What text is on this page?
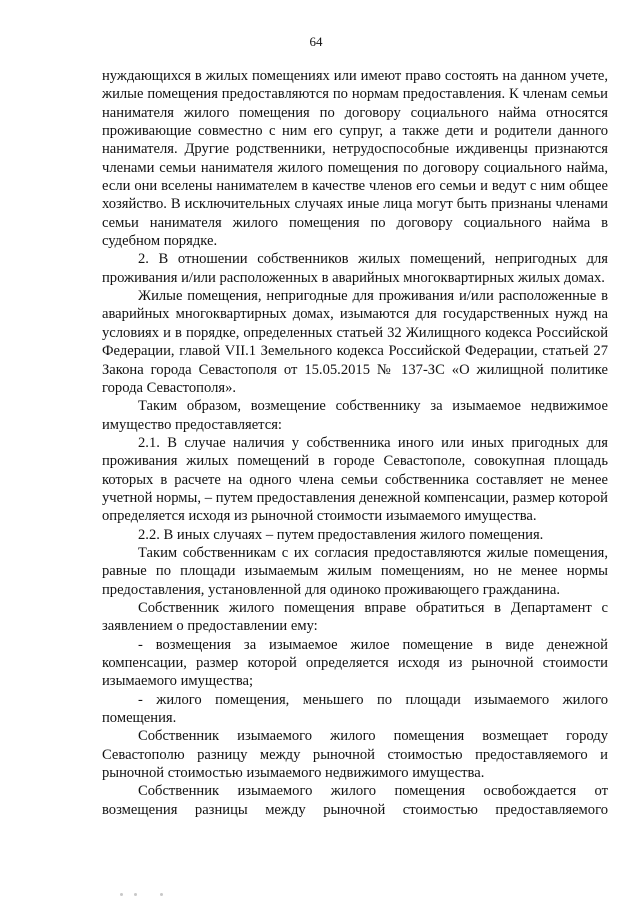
64

нуждающихся в жилых помещениях или имеют право состоять на данном учете, жилые помещения предоставляются по нормам предоставления. К членам семьи нанимателя жилого помещения по договору социального найма относятся проживающие совместно с ним его супруг, а также дети и родители данного нанимателя. Другие родственники, нетрудоспособные иждивенцы признаются членами семьи нанимателя жилого помещения по договору социального найма, если они вселены нанимателем в качестве членов его семьи и ведут с ним общее хозяйство. В исключительных случаях иные лица могут быть признаны членами семьи нанимателя жилого помещения по договору социального найма в судебном порядке.

2. В отношении собственников жилых помещений, непригодных для проживания и/или расположенных в аварийных многоквартирных жилых домах.

Жилые помещения, непригодные для проживания и/или расположенные в аварийных многоквартирных домах, изымаются для государственных нужд на условиях и в порядке, определенных статьей 32 Жилищного кодекса Российской Федерации, главой VII.1 Земельного кодекса Российской Федерации, статьей 27 Закона города Севастополя от 15.05.2015 № 137-ЗС «О жилищной политике города Севастополя».

Таким образом, возмещение собственнику за изымаемое недвижимое имущество предоставляется:

2.1. В случае наличия у собственника иного или иных пригодных для проживания жилых помещений в городе Севастополе, совокупная площадь которых в расчете на одного члена семьи собственника составляет не менее учетной нормы, – путем предоставления денежной компенсации, размер которой определяется исходя из рыночной стоимости изымаемого имущества.

2.2. В иных случаях – путем предоставления жилого помещения.

Таким собственникам с их согласия предоставляются жилые помещения, равные по площади изымаемым жилым помещениям, но не менее нормы предоставления, установленной для одиноко проживающего гражданина.

Собственник жилого помещения вправе обратиться в Департамент с заявлением о предоставлении ему:

- возмещения за изымаемое жилое помещение в виде денежной компенсации, размер которой определяется исходя из рыночной стоимости изымаемого имущества;

- жилого помещения, меньшего по площади изымаемого жилого помещения.

Собственник изымаемого жилого помещения возмещает городу Севастополю разницу между рыночной стоимостью предоставляемого и рыночной стоимостью изымаемого недвижимого имущества.

Собственник изымаемого жилого помещения освобождается от возмещения разницы между рыночной стоимостью предоставляемого
